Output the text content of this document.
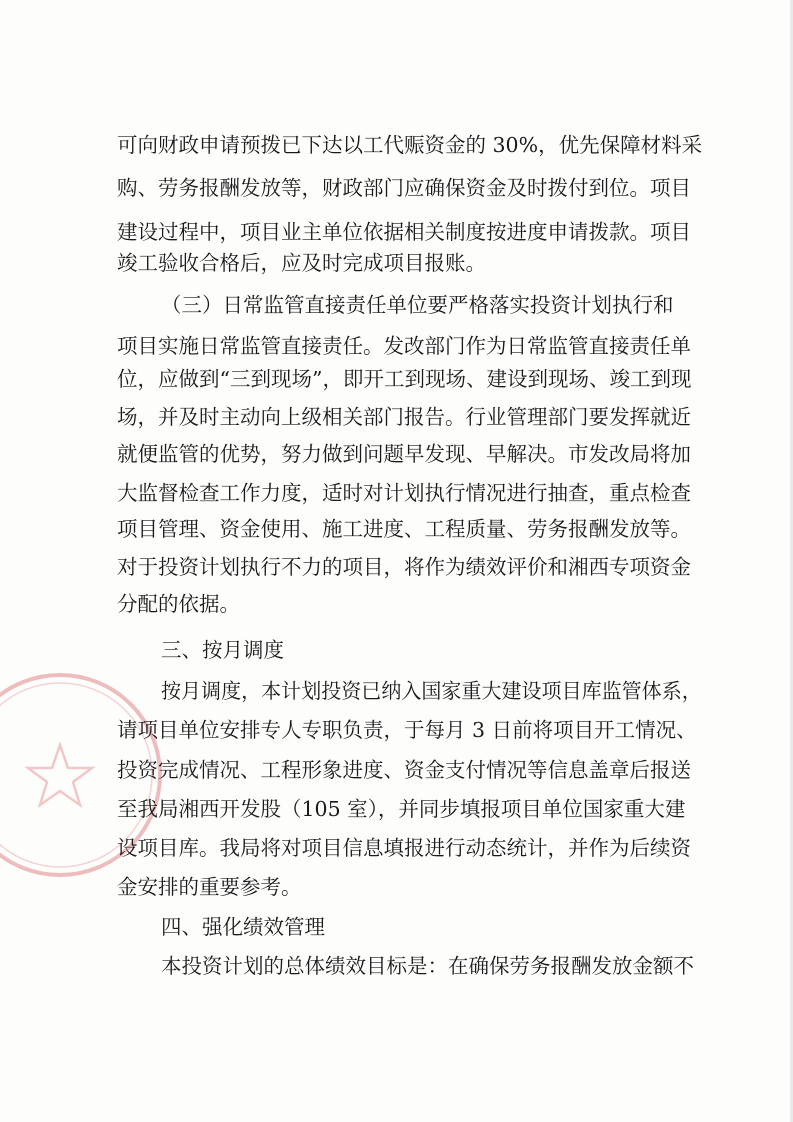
可向财政申请预拨已下达以工代赈资金的 30%，优先保障材料采
购、劳务报酬发放等，财政部门应确保资金及时拨付到位。项目
建设过程中，项目业主单位依据相关制度按进度申请拨款。项目
竣工验收合格后，应及时完成项目报账。
（三）日常监管直接责任单位要严格落实投资计划执行和
项目实施日常监管直接责任。发改部门作为日常监管直接责任单
位，应做到“三到现场”，即开工到现场、建设到现场、竣工到现
场，并及时主动向上级相关部门报告。行业管理部门要发挥就近
就便监管的优势，努力做到问题早发现、早解决。市发改局将加
大监督检查工作力度，适时对计划执行情况进行抽查，重点检查
项目管理、资金使用、施工进度、工程质量、劳务报酬发放等。
对于投资计划执行不力的项目，将作为绩效评价和湘西专项资金
分配的依据。
三、按月调度
按月调度，本计划投资已纳入国家重大建设项目库监管体系，
请项目单位安排专人专职负责，于每月 3 日前将项目开工情况、
投资完成情况、工程形象进度、资金支付情况等信息盖章后报送
至我局湘西开发股（105 室），并同步填报项目单位国家重大建
设项目库。我局将对项目信息填报进行动态统计，并作为后续资
金安排的重要参考。
四、强化绩效管理
本投资计划的总体绩效目标是：在确保劳务报酬发放金额不
